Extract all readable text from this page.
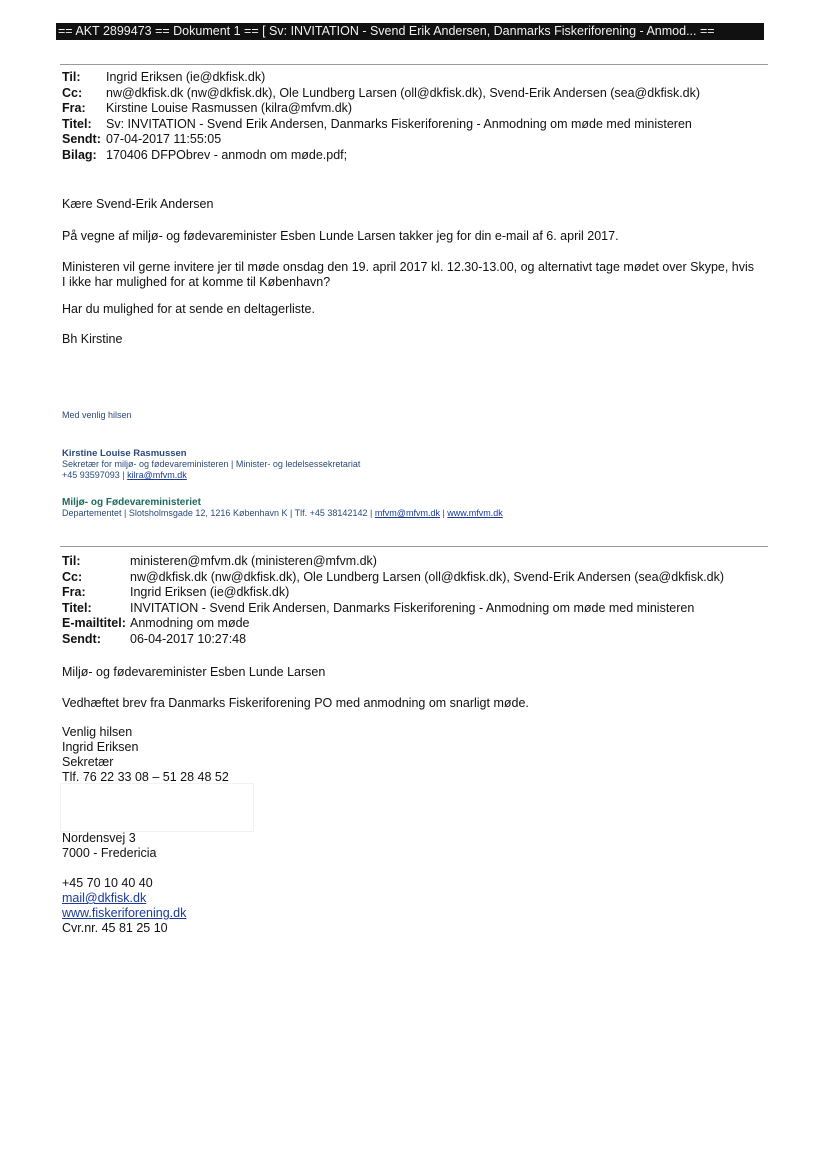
== AKT 2899473 == Dokument 1 == [ Sv: INVITATION - Svend Erik Andersen, Danmarks Fiskeriforening - Anmod... ==
Til:	Ingrid Eriksen (ie@dkfisk.dk)
Cc:	nw@dkfisk.dk (nw@dkfisk.dk), Ole Lundberg Larsen (oll@dkfisk.dk), Svend-Erik Andersen (sea@dkfisk.dk)
Fra:	Kirstine Louise Rasmussen (kilra@mfvm.dk)
Titel:	Sv: INVITATION - Svend Erik Andersen, Danmarks Fiskeriforening - Anmodning om møde med ministeren
Sendt: 07-04-2017 11:55:05
Bilag: 170406 DFPObrev - anmodn om møde.pdf;
Kære Svend-Erik Andersen
På vegne af miljø- og fødevareminister Esben Lunde Larsen takker jeg for din e-mail af 6. april 2017.
Ministeren vil gerne invitere jer til møde onsdag den 19. april 2017 kl. 12.30-13.00, og alternativt tage mødet over Skype, hvis
I ikke har mulighed for at komme til København?
Har du mulighed for at sende en deltagerliste.
Bh Kirstine
Med venlig hilsen
Kirstine Louise Rasmussen
Sekretær for miljø- og fødevareministeren | Minister- og ledelsessekretariat
+45 93597093 | kilra@mfvm.dk
Miljø- og Fødevareministeriet
Departementet | Slotsholmsgade 12, 1216 København K | Tlf. +45 38142142 | mfvm@mfvm.dk | www.mfvm.dk
Til:	ministeren@mfvm.dk (ministeren@mfvm.dk)
Cc:	nw@dkfisk.dk (nw@dkfisk.dk), Ole Lundberg Larsen (oll@dkfisk.dk), Svend-Erik Andersen (sea@dkfisk.dk)
Fra:	Ingrid Eriksen (ie@dkfisk.dk)
Titel:	INVITATION - Svend Erik Andersen, Danmarks Fiskeriforening - Anmodning om møde med ministeren
E-mailtitel: Anmodning om møde
Sendt:	06-04-2017 10:27:48
Miljø- og fødevareminister Esben Lunde Larsen
Vedhæftet brev fra Danmarks Fiskeriforening PO med anmodning om snarligt møde.
Venlig hilsen
Ingrid Eriksen
Sekretær
Tlf. 76 22 33 08 – 51 28 48 52
Nordensvej 3
7000 - Fredericia
+45 70 10 40 40
mail@dkfisk.dk
www.fiskeriforening.dk
Cvr.nr. 45 81 25 10
